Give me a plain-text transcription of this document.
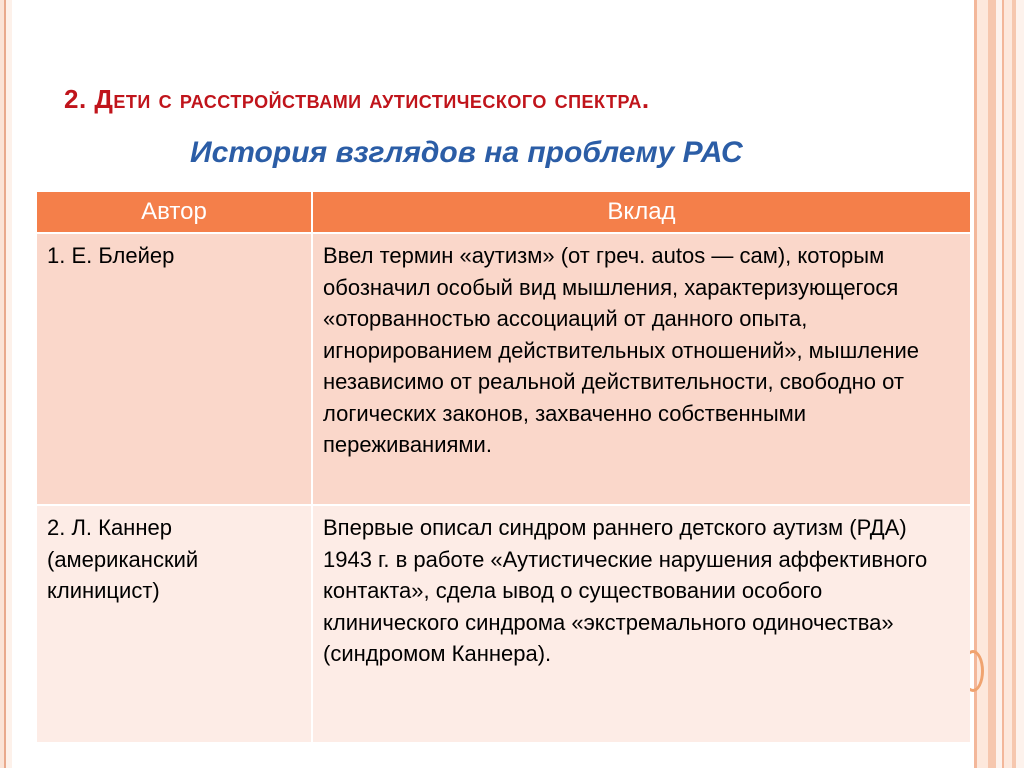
2. Дети с расстройствами аутистического спектра.
История взглядов на проблему РАС
Автор	Вклад
1. Е. Блейер	Ввел термин «аутизм» (от греч. autos — сам), которым обозначил особый вид мышления, характеризующегося «оторванностью ассоциаций от данного опыта, игнорированием действительных отношений», мышление независимо от реальной действительности, свободно от логических законов, захваченно собственными переживаниями.
2. Л. Каннер (американский клиницист)	Впервые описал синдром раннего детского аутизм (РДА) 1943 г. в работе «Аутистические нарушения аффективного контакта», сдела ывод о существовании особого клинического синдрома «экстремального одиночества» (синдромом Каннера).
